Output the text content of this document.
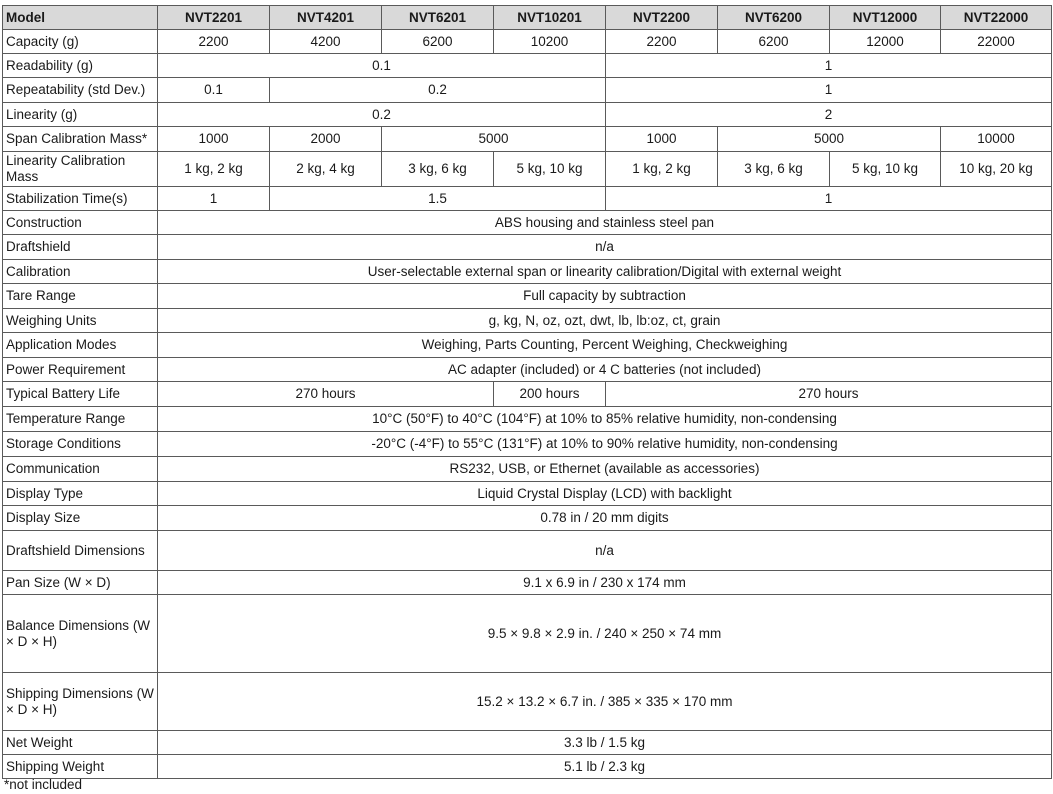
Model	NVT2201	NVT4201	NVT6201	NVT10201	NVT2200	NVT6200	NVT12000	NVT22000
Capacity (g)	2200	4200	6200	10200	2200	6200	12000	22000
Readability (g)	0.1				1			
Repeatability (std Dev.)	0.1	0.2			1			
Linearity (g)	0.2				2			
Span Calibration Mass*	1000	2000	5000		1000	5000		10000
Linearity Calibration Mass	1 kg, 2 kg	2 kg, 4 kg	3 kg, 6 kg	5 kg, 10 kg	1 kg, 2 kg	3 kg, 6 kg	5 kg, 10 kg	10 kg, 20 kg
Stabilization Time(s)	1	1.5			1			
Construction	ABS housing and stainless steel pan							
Draftshield	n/a							
Calibration	User-selectable external span or linearity calibration/Digital with external weight							
Tare Range	Full capacity by subtraction							
Weighing Units	g, kg, N, oz, ozt, dwt, lb, lb:oz, ct, grain							
Application Modes	Weighing, Parts Counting, Percent Weighing, Checkweighing							
Power Requirement	AC adapter (included) or 4 C batteries (not included)							
Typical Battery Life	270 hours			200 hours	270 hours			
Temperature Range	10°C (50°F) to 40°C (104°F) at 10% to 85% relative humidity, non-condensing							
Storage Conditions	-20°C (-4°F) to 55°C (131°F) at 10% to 90% relative humidity, non-condensing							
Communication	RS232, USB, or Ethernet (available as accessories)							
Display Type	Liquid Crystal Display (LCD) with backlight							
Display Size	0.78 in / 20 mm digits							
Draftshield Dimensions	n/a							
Pan Size (W × D)	9.1 x 6.9 in / 230 x 174 mm							
Balance Dimensions (W × D × H)	9.5 × 9.8 × 2.9 in. / 240 × 250 × 74 mm							
Shipping Dimensions (W × D × H)	15.2 × 13.2 × 6.7 in. / 385 × 335 × 170 mm							
Net Weight	3.3 lb / 1.5 kg							
Shipping Weight	5.1 lb / 2.3 kg							
*not included
